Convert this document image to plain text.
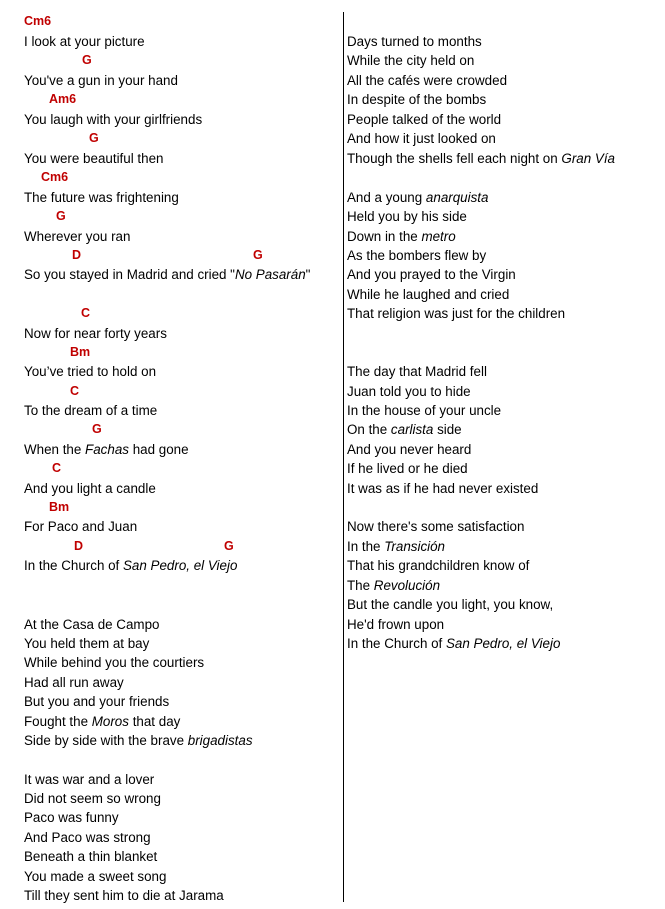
Cm6
I look at your picture
G
You've a gun in your hand
Am6
You laugh with your girlfriends
G
You were beautiful then
Cm6
The future was frightening
G
Wherever you ran
D	G
So you stayed in Madrid and cried "No Pasarán"
C
Now for near forty years
Bm
You’ve tried to hold on
C
To the dream of a time
G
When the Fachas had gone
C
And you light a candle
Bm
For Paco and Juan
D	G
In the Church of San Pedro, el Viejo
At the Casa de Campo
You held them at bay
While behind you the courtiers
Had all run away
But you and your friends
Fought the Moros that day
Side by side with the brave brigadistas
It was war and a lover
Did not seem so wrong
Paco was funny
And Paco was strong
Beneath a thin blanket
You made a sweet song
Till they sent him to die at Jarama
Days turned to months
While the city held on
All the cafés were crowded
In despite of the bombs
People talked of the world
And how it just looked on
Though the shells fell each night on Gran Vía
And a young anarquista
Held you by his side
Down in the metro
As the bombers flew by
And you prayed to the Virgin
While he laughed and cried
That religion was just for the children
The day that Madrid fell
Juan told you to hide
In the house of your uncle
On the carlista side
And you never heard
If he lived or he died
It was as if he had never existed
Now there's some satisfaction
In the Transición
That his grandchildren know of
The Revolución
But the candle you light, you know,
He'd frown upon
In the Church of San Pedro, el Viejo
